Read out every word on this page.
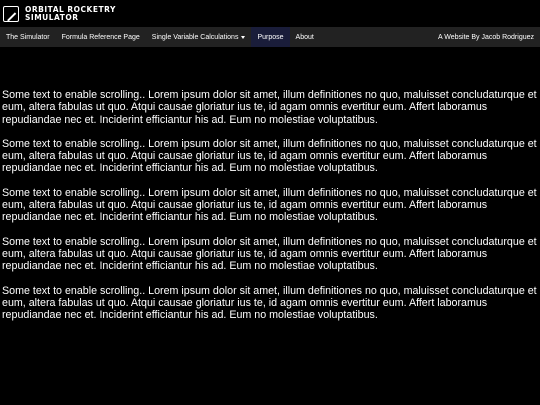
ORBITAL ROCKETRY
SIMULATOR
The Simulator Formula Reference Page Single Variable Calculations	Purpose About	A Website By Jacob Rodriguez

Some text to enable scrolling.. Lorem ipsum dolor sit amet, illum definitiones no quo, maluisset concludaturque et eum, altera fabulas ut quo. Atqui causae gloriatur ius te, id agam omnis evertitur eum. Affert laboramus repudiandae nec et. Inciderint efficiantur his ad. Eum no molestiae voluptatibus.

Some text to enable scrolling.. Lorem ipsum dolor sit amet, illum definitiones no quo, maluisset concludaturque et eum, altera fabulas ut quo. Atqui causae gloriatur ius te, id agam omnis evertitur eum. Affert laboramus repudiandae nec et. Inciderint efficiantur his ad. Eum no molestiae voluptatibus.

Some text to enable scrolling.. Lorem ipsum dolor sit amet, illum definitiones no quo, maluisset concludaturque et eum, altera fabulas ut quo. Atqui causae gloriatur ius te, id agam omnis evertitur eum. Affert laboramus repudiandae nec et. Inciderint efficiantur his ad. Eum no molestiae voluptatibus.

Some text to enable scrolling.. Lorem ipsum dolor sit amet, illum definitiones no quo, maluisset concludaturque et eum, altera fabulas ut quo. Atqui causae gloriatur ius te, id agam omnis evertitur eum. Affert laboramus repudiandae nec et. Inciderint efficiantur his ad. Eum no molestiae voluptatibus.

Some text to enable scrolling.. Lorem ipsum dolor sit amet, illum definitiones no quo, maluisset concludaturque et eum, altera fabulas ut quo. Atqui causae gloriatur ius te, id agam omnis evertitur eum. Affert laboramus repudiandae nec et. Inciderint efficiantur his ad. Eum no molestiae voluptatibus.
